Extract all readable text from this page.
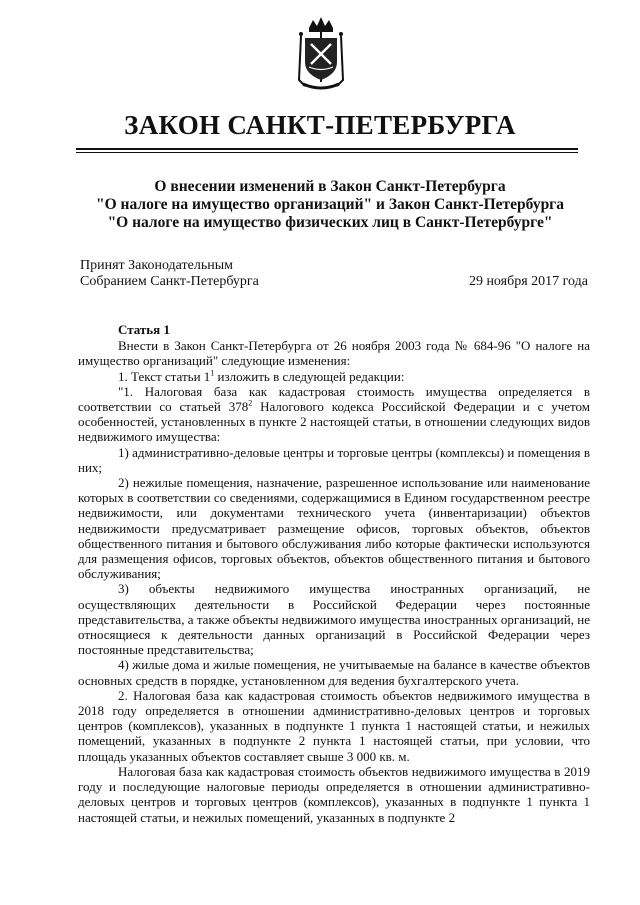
ЗАКОН САНКТ-ПЕТЕРБУРГА
О внесении изменений в Закон Санкт-Петербурга
"О налоге на имущество организаций" и Закон Санкт-Петербурга
"О налоге на имущество физических лиц в Санкт-Петербурге"
Принят Законодательным
Собранием Санкт-Петербурга	29 ноября 2017 года

Статья 1

Внести в Закон Санкт-Петербурга от 26 ноября 2003 года № 684-96 "О налоге на имущество организаций" следующие изменения:

1. Текст статьи $1^1$ изложить в следующей редакции:

"1. Налоговая база как кадастровая стоимость имущества определяется в соответствии со статьей $378^2$ Налогового кодекса Российской Федерации и с учетом особенностей, установленных в пункте 2 настоящей статьи, в отношении следующих видов недвижимого имущества:

1) административно-деловые центры и торговые центры (комплексы) и помещения в них;

2) нежилые помещения, назначение, разрешенное использование или наименование которых в соответствии со сведениями, содержащимися в Едином государственном реестре недвижимости, или документами технического учета (инвентаризации) объектов недвижимости предусматривает размещение офисов, торговых объектов, объектов общественного питания и бытового обслуживания либо которые фактически используются для размещения офисов, торговых объектов, объектов общественного питания и бытового обслуживания;

3) объекты недвижимого имущества иностранных организаций, не осуществляющих деятельности в Российской Федерации через постоянные представительства, а также объекты недвижимого имущества иностранных организаций, не относящиеся к деятельности данных организаций в Российской Федерации через постоянные представительства;

4) жилые дома и жилые помещения, не учитываемые на балансе в качестве объектов основных средств в порядке, установленном для ведения бухгалтерского учета.

2. Налоговая база как кадастровая стоимость объектов недвижимого имущества в 2018 году определяется в отношении административно-деловых центров и торговых центров (комплексов), указанных в подпункте 1 пункта 1 настоящей статьи, и нежилых помещений, указанных в подпункте 2 пункта 1 настоящей статьи, при условии, что площадь указанных объектов составляет свыше 3 000 кв. м.

Налоговая база как кадастровая стоимость объектов недвижимого имущества в 2019 году и последующие налоговые периоды определяется в отношении административно-деловых центров и торговых центров (комплексов), указанных в подпункте 1 пункта 1 настоящей статьи, и нежилых помещений, указанных в подпункте 2
